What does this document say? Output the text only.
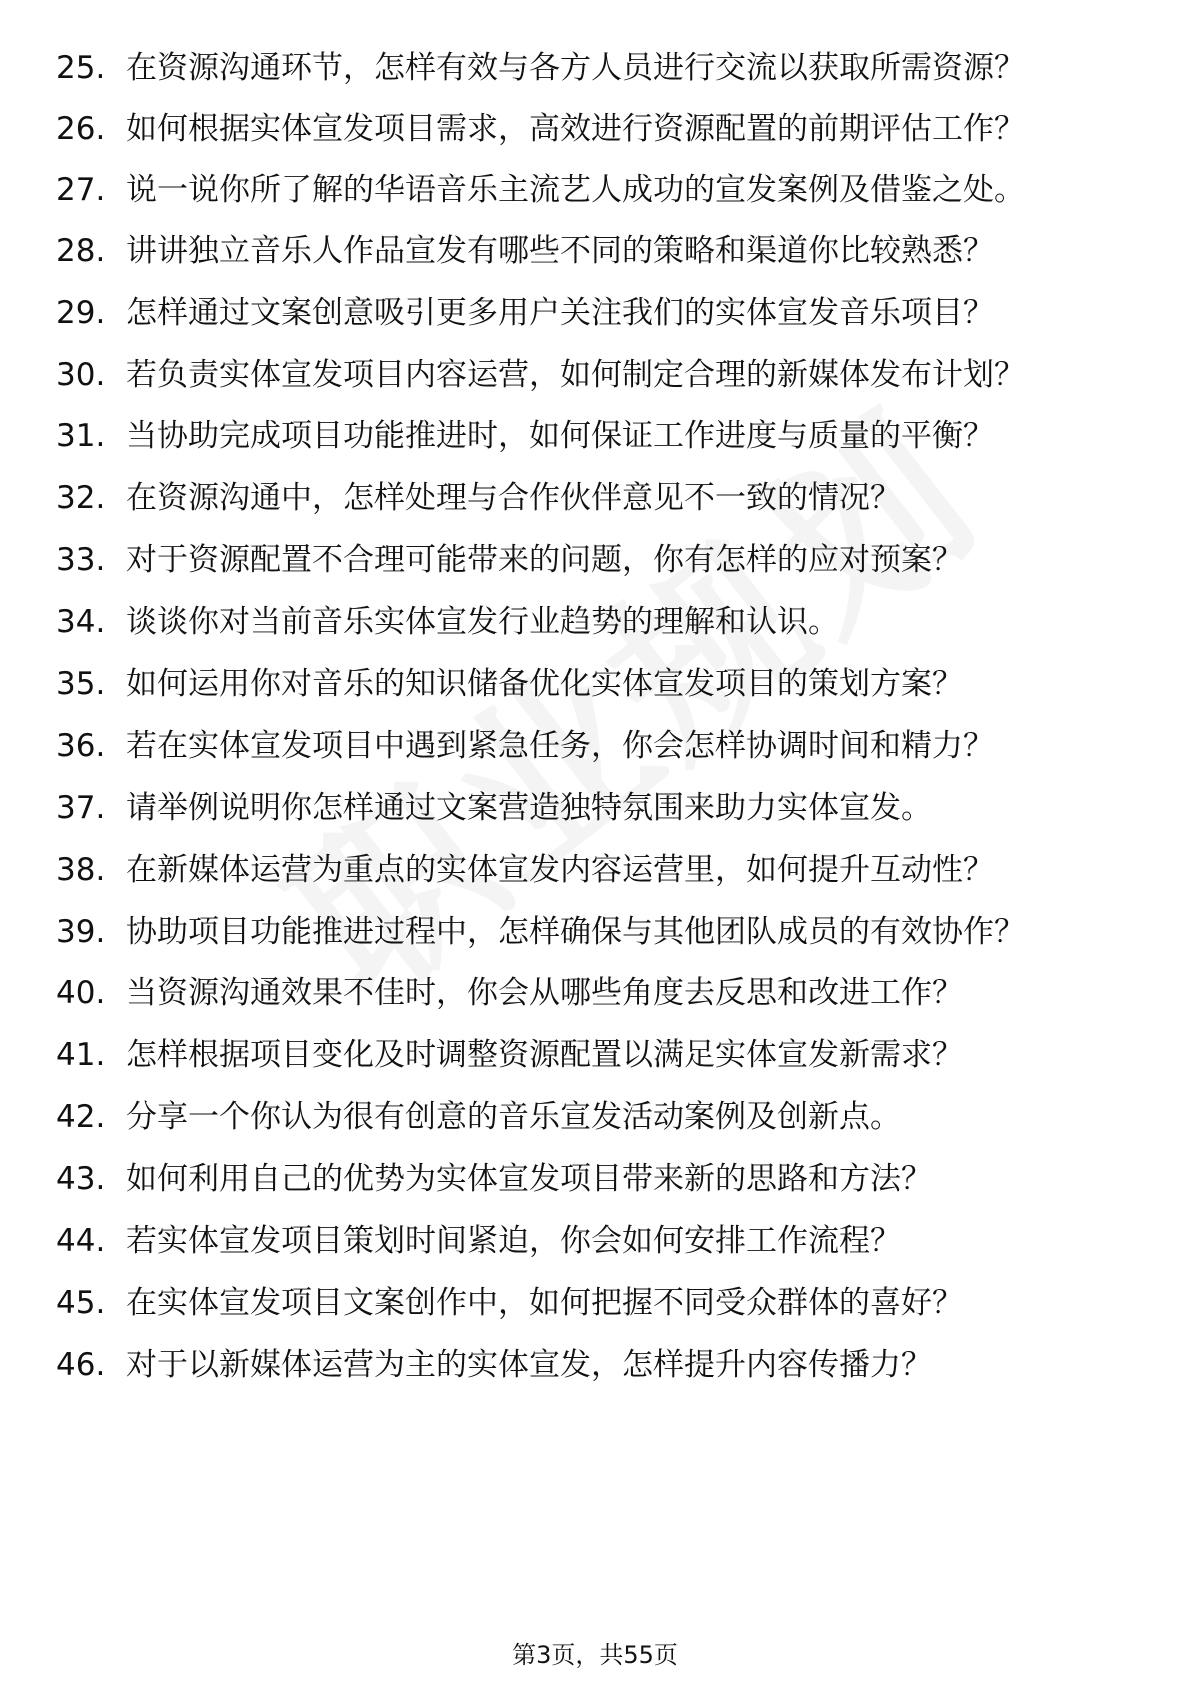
25. 在资源沟通环节，怎样有效与各方人员进行交流以获取所需资源？
26. 如何根据实体宣发项目需求，高效进行资源配置的前期评估工作？
27. 说一说你所了解的华语音乐主流艺人成功的宣发案例及借鉴之处。
28. 讲讲独立音乐人作品宣发有哪些不同的策略和渠道你比较熟悉？
29. 怎样通过文案创意吸引更多用户关注我们的实体宣发音乐项目？
30. 若负责实体宣发项目内容运营，如何制定合理的新媒体发布计划？
31. 当协助完成项目功能推进时，如何保证工作进度与质量的平衡？
32. 在资源沟通中，怎样处理与合作伙伴意见不一致的情况？
33. 对于资源配置不合理可能带来的问题，你有怎样的应对预案？
34. 谈谈你对当前音乐实体宣发行业趋势的理解和认识。
35. 如何运用你对音乐的知识储备优化实体宣发项目的策划方案？
36. 若在实体宣发项目中遇到紧急任务，你会怎样协调时间和精力？
37. 请举例说明你怎样通过文案营造独特氛围来助力实体宣发。
38. 在新媒体运营为重点的实体宣发内容运营里，如何提升互动性？
39. 协助项目功能推进过程中，怎样确保与其他团队成员的有效协作？
40. 当资源沟通效果不佳时，你会从哪些角度去反思和改进工作？
41. 怎样根据项目变化及时调整资源配置以满足实体宣发新需求？
42. 分享一个你认为很有创意的音乐宣发活动案例及创新点。
43. 如何利用自己的优势为实体宣发项目带来新的思路和方法？
44. 若实体宣发项目策划时间紧迫，你会如何安排工作流程？
45. 在实体宣发项目文案创作中，如何把握不同受众群体的喜好？
46. 对于以新媒体运营为主的实体宣发，怎样提升内容传播力？
第3页，共55页
